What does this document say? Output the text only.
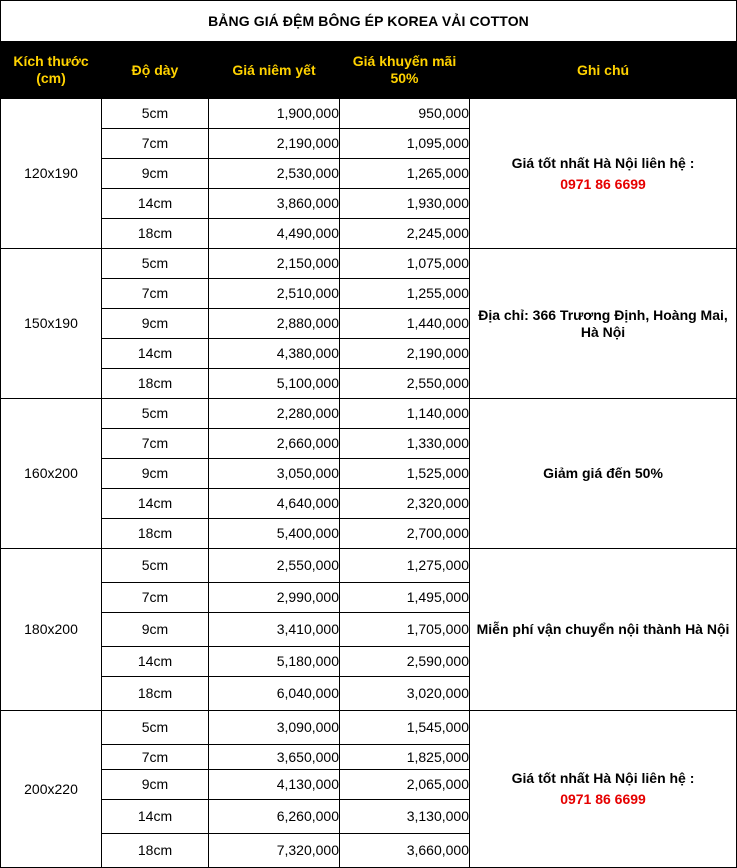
BẢNG GIÁ ĐỆM BÔNG ÉP KOREA VẢI COTTON				
Kích thước (cm)	Độ dày	Giá niêm yết	Giá khuyến mãi 50%	Ghi chú
120x190	5cm	1,900,000	950,000	Giá tốt nhất Hà Nội liên hệ :
0971 86 6699

	7cm	2,190,000	1,095,000	
	9cm	2,530,000	1,265,000	
	14cm	3,860,000	1,930,000	
	18cm	4,490,000	2,245,000	
150x190	5cm	2,150,000	1,075,000	Địa chỉ: 366 Trương Định, Hoàng Mai, Hà Nội

	7cm	2,510,000	1,255,000	
	9cm	2,880,000	1,440,000	
	14cm	4,380,000	2,190,000	
	18cm	5,100,000	2,550,000	
160x200	5cm	2,280,000	1,140,000	Giảm giá đến 50%

	7cm	2,660,000	1,330,000	
	9cm	3,050,000	1,525,000	
	14cm	4,640,000	2,320,000	
	18cm	5,400,000	2,700,000	
180x200	5cm	2,550,000	1,275,000	Miễn phí vận chuyển nội thành Hà Nội

	7cm	2,990,000	1,495,000	
	9cm	3,410,000	1,705,000	
	14cm	5,180,000	2,590,000	
	18cm	6,040,000	3,020,000	
200x220	5cm	3,090,000	1,545,000	Giá tốt nhất Hà Nội liên hệ :
0971 86 6699

	7cm	3,650,000	1,825,000	
	9cm	4,130,000	2,065,000	
	14cm	6,260,000	3,130,000	
	18cm	7,320,000	3,660,000	
